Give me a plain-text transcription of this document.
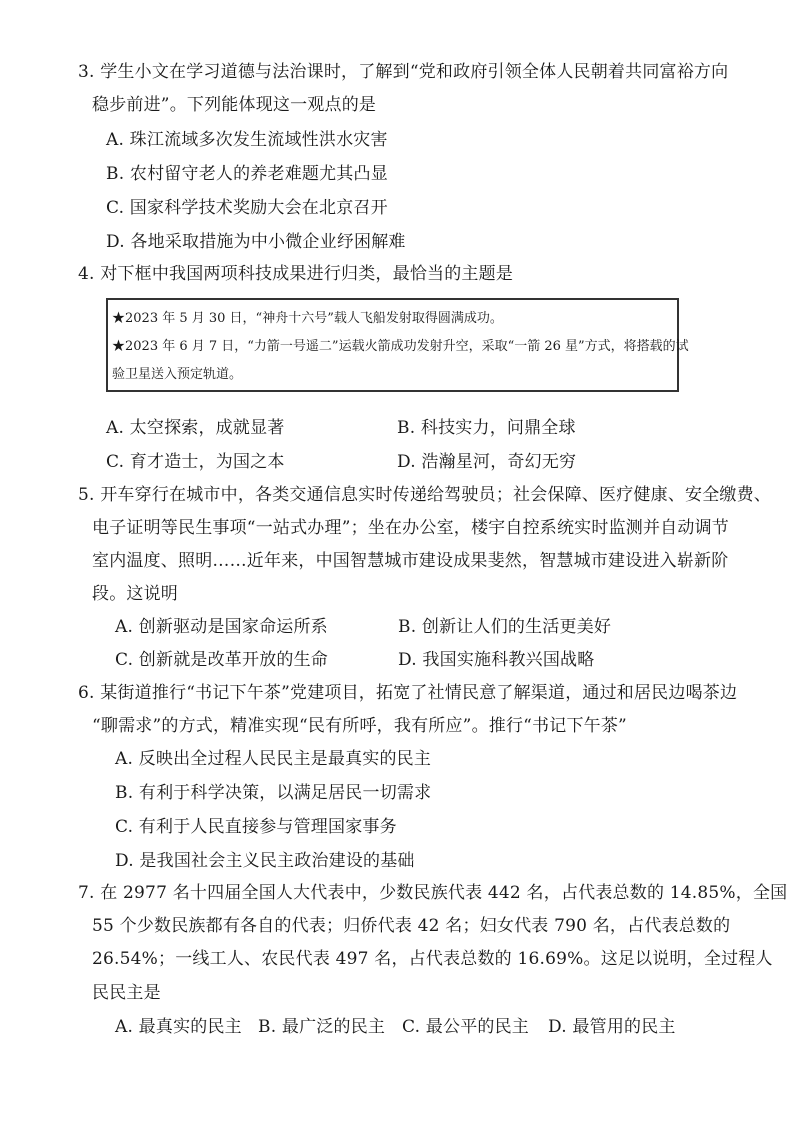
3. 学生小文在学习道德与法治课时，了解到“党和政府引领全体人民朝着共同富裕方向
稳步前进”。下列能体现这一观点的是
A. 珠江流域多次发生流域性洪水灾害
B. 农村留守老人的养老难题尤其凸显
C. 国家科学技术奖励大会在北京召开
D. 各地采取措施为中小微企业纾困解难
4. 对下框中我国两项科技成果进行归类，最恰当的主题是
★2023 年 5 月 30 日，“神舟十六号”载人飞船发射取得圆满成功。
★2023 年 6 月 7 日，“力箭一号遥二”运载火箭成功发射升空，采取“一箭 26 星”方式，将搭载的试
验卫星送入预定轨道。
A. 太空探索，成就显著	B. 科技实力，问鼎全球
C. 育才造士，为国之本	D. 浩瀚星河，奇幻无穷
5. 开车穿行在城市中，各类交通信息实时传递给驾驶员；社会保障、医疗健康、安全缴费、
电子证明等民生事项“一站式办理”；坐在办公室，楼宇自控系统实时监测并自动调节
室内温度、照明……近年来，中国智慧城市建设成果斐然，智慧城市建设进入崭新阶
段。这说明
A. 创新驱动是国家命运所系	B. 创新让人们的生活更美好
C. 创新就是改革开放的生命	D. 我国实施科教兴国战略
6. 某街道推行“书记下午茶”党建项目，拓宽了社情民意了解渠道，通过和居民边喝茶边
“聊需求”的方式，精准实现“民有所呼，我有所应”。推行“书记下午茶”
A. 反映出全过程人民民主是最真实的民主
B. 有利于科学决策，以满足居民一切需求
C. 有利于人民直接参与管理国家事务
D. 是我国社会主义民主政治建设的基础
7. 在 2977 名十四届全国人大代表中，少数民族代表 442 名，占代表总数的 14.85%，全国
55 个少数民族都有各自的代表；归侨代表 42 名；妇女代表 790 名，占代表总数的
26.54%；一线工人、农民代表 497 名，占代表总数的 16.69%。这足以说明，全过程人
民民主是
A. 最真实的民主 B. 最广泛的民主 C. 最公平的民主 D. 最管用的民主
